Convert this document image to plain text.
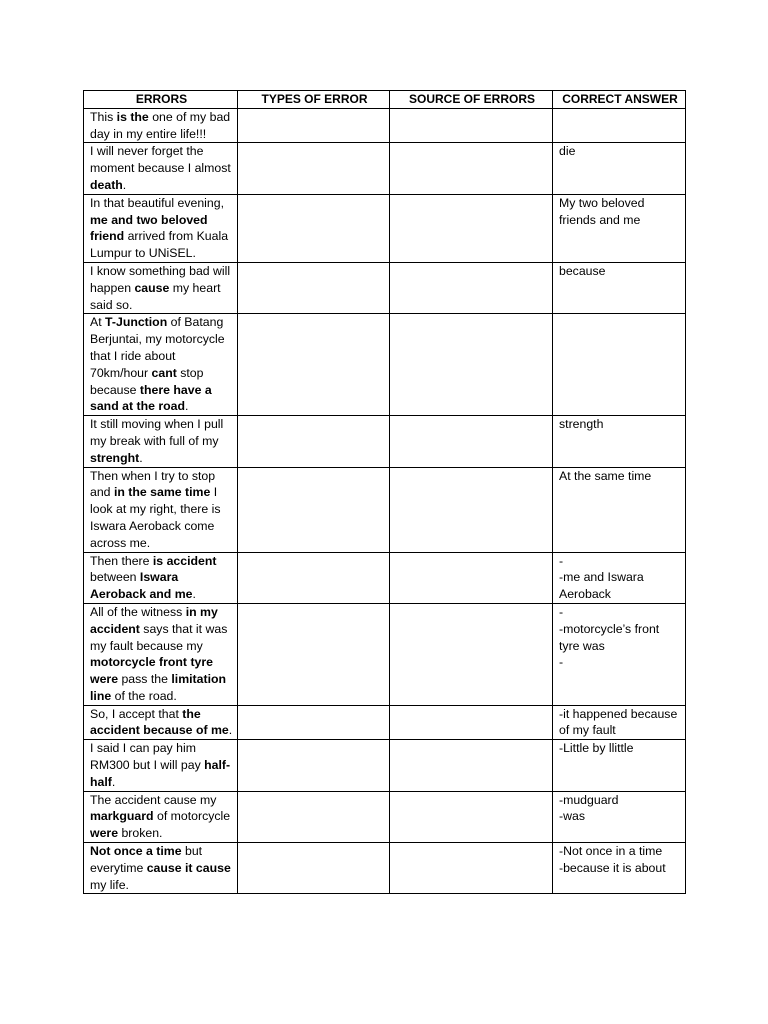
ERRORS	TYPES OF ERROR	SOURCE OF ERRORS	CORRECT ANSWER
This is the one of my bad day in my entire life!!!			
I will never forget the moment because I almost death.			die

In that beautiful evening, me and two beloved friend arrived from Kuala Lumpur to UNiSEL.			My two beloved friends and me

I know something bad will happen cause my heart said so.			because

At T-Junction of Batang Berjuntai, my motorcycle that I ride about 70km/hour cant stop because there have a sand at the road.			
It still moving when I pull my break with full of my strenght.			strength

Then when I try to stop and in the same time I look at my right, there is Iswara Aeroback come across me.			At the same time

Then there is accident between Iswara Aeroback and me.			-
-me and Iswara Aeroback

All of the witness in my accident says that it was my fault because my motorcycle front tyre were pass the limitation line of the road.			-
-motorcycle’s front tyre was
-

So, I accept that the accident because of me.			-it happened because of my fault

I said I can pay him RM300 but I will pay half-half.			-Little by llittle

The accident cause my markguard of motorcycle were broken.			-mudguard
-was

Not once a time but everytime cause it cause my life.			-Not once in a time
-because it is about
